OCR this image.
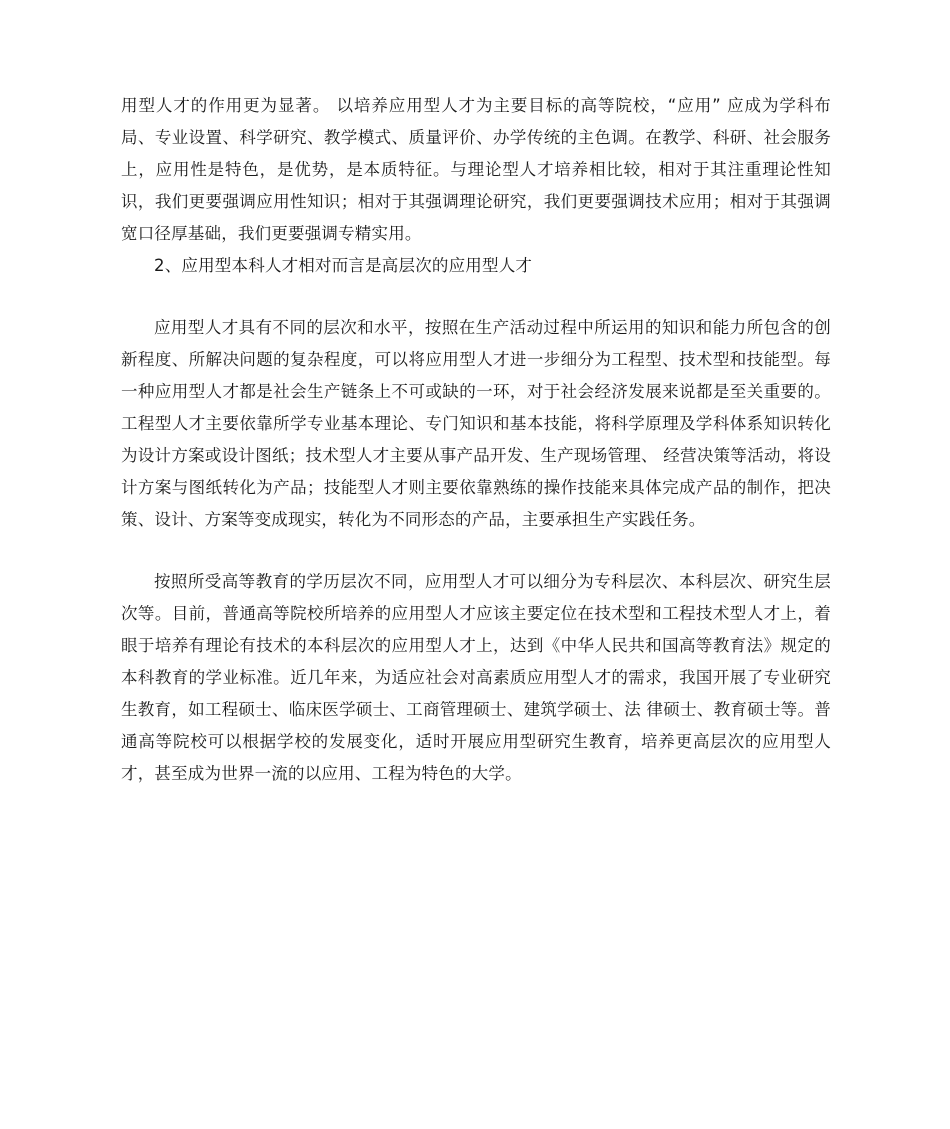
用型人才的作用更为显著。 以培养应用型人才为主要目标的高等院校，“应用” 应成为学科布局、专业设置、科学研究、教学模式、质量评价、办学传统的主色调。在教学、科研、社会服务上，应用性是特色，是优势，是本质特征。与理论型人才培养相比较，相对于其注重理论性知识，我们更要强调应用性知识；相对于其强调理论研究，我们更要强调技术应用；相对于其强调宽口径厚基础，我们更要强调专精实用。

2、应用型本科人才相对而言是高层次的应用型人才

应用型人才具有不同的层次和水平，按照在生产活动过程中所运用的知识和能力所包含的创新程度、所解决问题的复杂程度，可以将应用型人才进一步细分为工程型、技术型和技能型。每一种应用型人才都是社会生产链条上不可或缺的一环，对于社会经济发展来说都是至关重要的。工程型人才主要依靠所学专业基本理论、专门知识和基本技能，将科学原理及学科体系知识转化为设计方案或设计图纸；技术型人才主要从事产品开发、生产现场管理、 经营决策等活动，将设计方案与图纸转化为产品；技能型人才则主要依靠熟练的操作技能来具体完成产品的制作，把决策、设计、方案等变成现实，转化为不同形态的产品，主要承担生产实践任务。

按照所受高等教育的学历层次不同，应用型人才可以细分为专科层次、本科层次、研究生层次等。目前，普通高等院校所培养的应用型人才应该主要定位在技术型和工程技术型人才上，着眼于培养有理论有技术的本科层次的应用型人才上，达到《中华人民共和国高等教育法》规定的本科教育的学业标准。近几年来，为适应社会对高素质应用型人才的需求，我国开展了专业研究生教育，如工程硕士、临床医学硕士、工商管理硕士、建筑学硕士、法 律硕士、教育硕士等。普通高等院校可以根据学校的发展变化，适时开展应用型研究生教育，培养更高层次的应用型人才，甚至成为世界一流的以应用、工程为特色的大学。
